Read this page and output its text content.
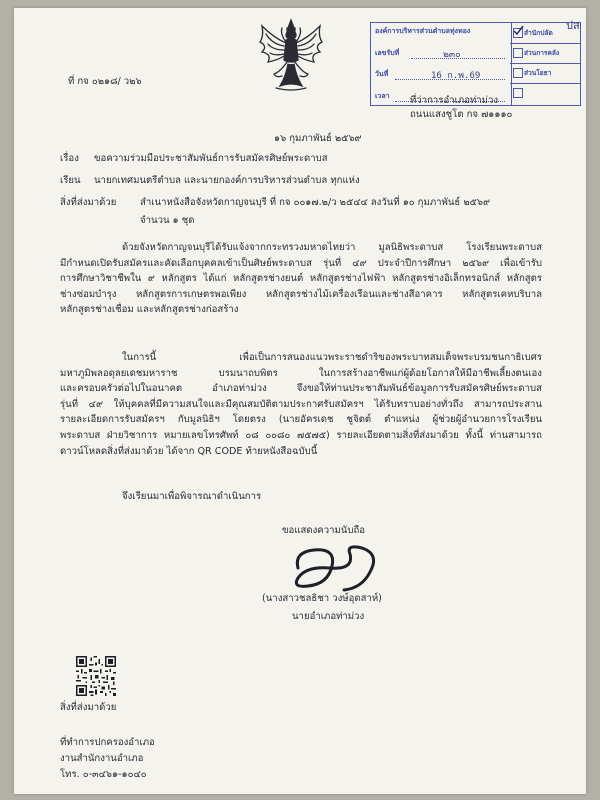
องค์การบริหารส่วนตำบลทุ่งทอง
เลขรับที่	๒๓๐
วันที่	16 ก.พ.69
เวลา
สำนักปลัด
ส่วนการคลัง
ส่วนโยธา
ปส
ที่ กจ ๐๒๑๘/ ว๒๖
ที่ว่าการอำเภอท่าม่วง
ถนนแสงชูโต กจ ๗๑๑๑๐
๑๖ กุมภาพันธ์ ๒๕๖๙
เรื่อง ขอความร่วมมือประชาสัมพันธ์การรับสมัครศิษย์พระดาบส
เรียน นายกเทศมนตรีตำบล และนายกองค์การบริหารส่วนตำบล ทุกแห่ง
สิ่งที่ส่งมาด้วย สำเนาหนังสือจังหวัดกาญจนบุรี ที่ กจ ๐๐๑๗.๒/ว ๒๕๔๔ ลงวันที่ ๑๐ กุมภาพันธ์ ๒๕๖๙
จำนวน ๑ ชุด
ด้วยจังหวัดกาญจนบุรีได้รับแจ้งจากกระทรวงมหาดไทยว่า มูลนิธิพระดาบส โรงเรียนพระดาบส
มีกำหนดเปิดรับสมัครและคัดเลือกบุคคลเข้าเป็นศิษย์พระดาบส รุ่นที่ ๔๙ ประจำปีการศึกษา ๒๕๖๙ เพื่อเข้ารับ
การศึกษาวิชาชีพใน ๙ หลักสูตร ได้แก่ หลักสูตรช่างยนต์ หลักสูตรช่างไฟฟ้า หลักสูตรช่างอิเล็กทรอนิกส์ หลักสูตร
ช่างซ่อมบำรุง หลักสูตรการเกษตรพอเพียง หลักสูตรช่างไม้เครื่องเรือนและช่างสีอาคาร หลักสูตรเคหบริบาล
หลักสูตรช่างเชื่อม และหลักสูตรช่างก่อสร้าง
ในการนี้ เพื่อเป็นการสนองแนวพระราชดำริของพระบาทสมเด็จพระบรมชนกาธิเบศร
มหาภูมิพลอดุลยเดชมหาราช บรมนาถบพิตร ในการสร้างอาชีพแก่ผู้ด้อยโอกาสให้มีอาชีพเลี้ยงตนเอง
และครอบครัวต่อไปในอนาคต อำเภอท่าม่วง จึงขอให้ท่านประชาสัมพันธ์ข้อมูลการรับสมัครศิษย์พระดาบส
รุ่นที่ ๔๙ ให้บุคคลที่มีความสนใจและมีคุณสมบัติตามประกาศรับสมัครฯ ได้รับทราบอย่างทั่วถึง สามารถประสาน
รายละเอียดการรับสมัครฯ กับมูลนิธิฯ โดยตรง (นายอัครเดช ชูจิตต์ ตำแหน่ง ผู้ช่วยผู้อำนวยการโรงเรียน
พระดาบส ฝ่ายวิชาการ หมายเลขโทรศัพท์ ๐๘ ๐๐๘๐ ๗๕๗๕) รายละเอียดตามสิ่งที่ส่งมาด้วย ทั้งนี้ ท่านสามารถ
ดาวน์โหลดสิ่งที่ส่งมาด้วย ได้จาก QR CODE ท้ายหนังสือฉบับนี้
จึงเรียนมาเพื่อพิจารณาดำเนินการ
ขอแสดงความนับถือ
(นางสาวชลธิชา วงษ์อุดสาห์)
นายอำเภอท่าม่วง
สิ่งที่ส่งมาด้วย
ที่ทำการปกครองอำเภอ
งานสำนักงานอำเภอ
โทร. ๐-๓๔๖๑-๑๐๔๐
